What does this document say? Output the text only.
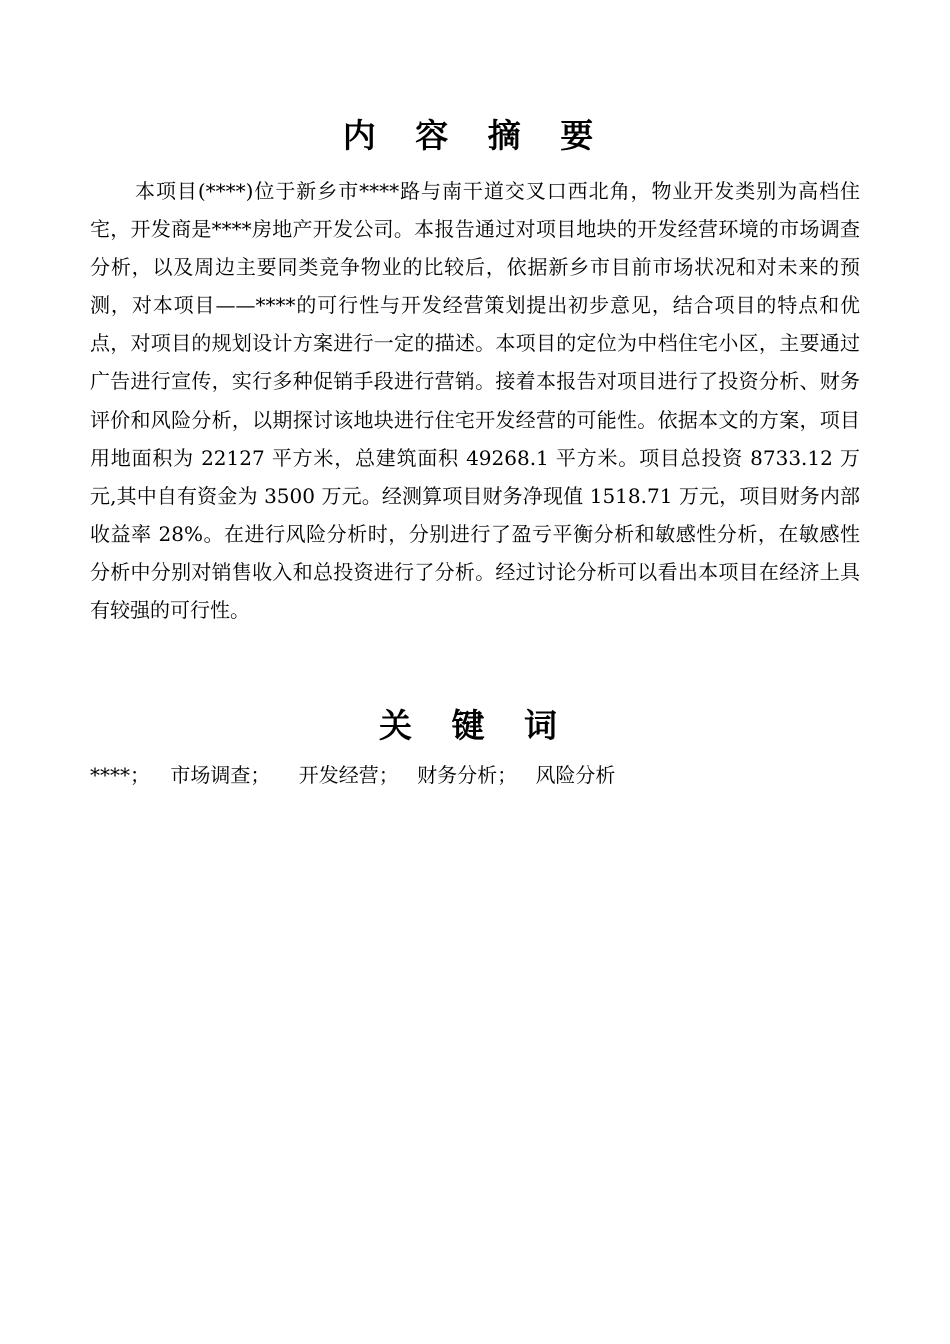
内 容 摘 要

本项目(****)位于新乡市****路与南干道交叉口西北角，物业开发类别为高档住宅，开发商是****房地产开发公司。本报告通过对项目地块的开发经营环境的市场调查分析，以及周边主要同类竞争物业的比较后，依据新乡市目前市场状况和对未来的预测，对本项目——****的可行性与开发经营策划提出初步意见，结合项目的特点和优点，对项目的规划设计方案进行一定的描述。本项目的定位为中档住宅小区，主要通过广告进行宣传，实行多种促销手段进行营销。接着本报告对项目进行了投资分析、财务评价和风险分析，以期探讨该地块进行住宅开发经营的可能性。依据本文的方案，项目用地面积为 22127 平方米，总建筑面积 49268.1 平方米。项目总投资 8733.12 万元,其中自有资金为 3500 万元。经测算项目财务净现值 1518.71 万元，项目财务内部收益率 28%。在进行风险分析时，分别进行了盈亏平衡分析和敏感性分析，在敏感性分析中分别对销售收入和总投资进行了分析。经过讨论分析可以看出本项目在经济上具有较强的可行性。

关 键 词
****； 市场调查； 开发经营； 财务分析； 风险分析
